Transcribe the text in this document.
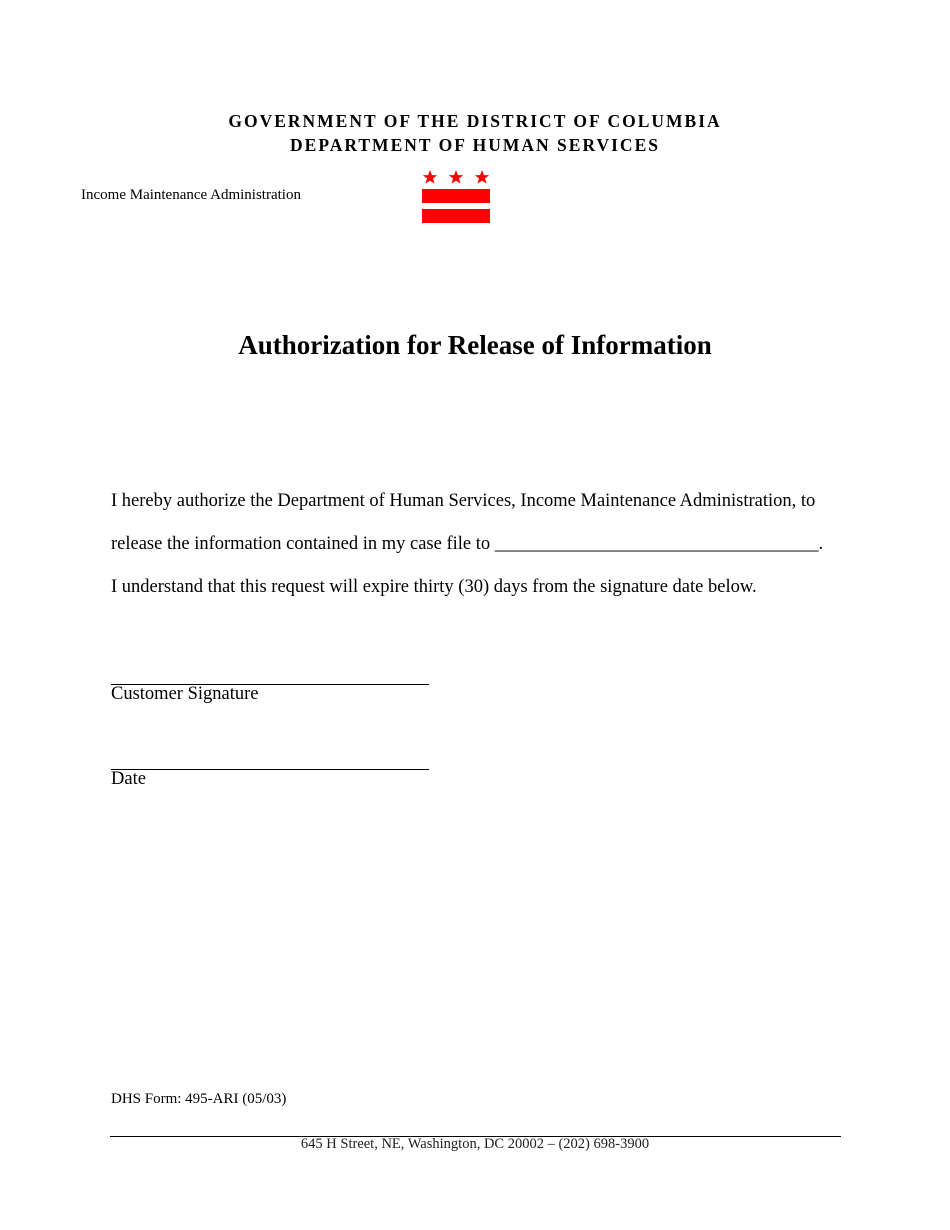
GOVERNMENT OF THE DISTRICT OF COLUMBIA
DEPARTMENT OF HUMAN SERVICES
Income Maintenance Administration
Authorization for Release of Information
I hereby authorize the Department of Human Services, Income Maintenance Administration, to
release the information contained in my case file to ___________________________________.
I understand that this request will expire thirty (30) days from the signature date below.
Customer Signature
Date
DHS Form: 495-ARI (05/03)
645 H Street, NE, Washington, DC 20002 – (202) 698-3900
